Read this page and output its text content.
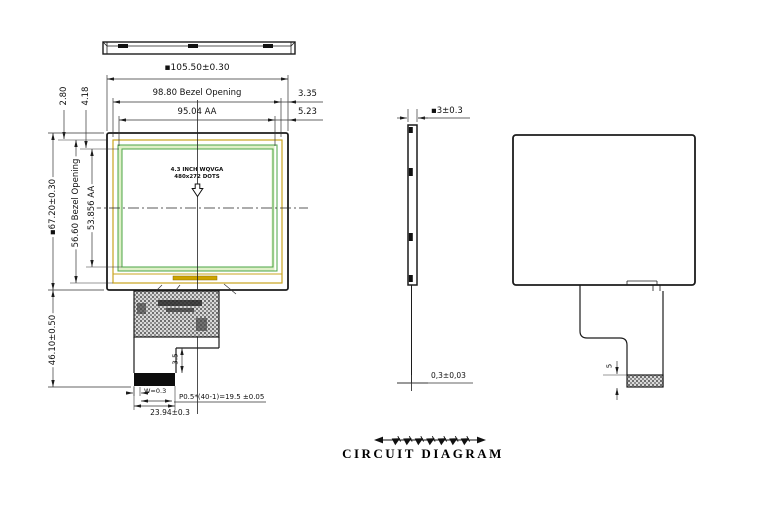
▪105.50±0.30
98.80 Bezel Opening
95.04 AA
3.35
5.23
2.80 4.18
▪67.20±0.30 56.60 Bezel Opening 53.856 AA
46.10±0.50
4.3 INCH WQVGA
480x272 DOTS
3.5
W=0.3
P0.5*(40-1)=19.5 ±0.05
23.94±0.3
▪3±0.3
0,3±0,03
5
CIRCUIT DIAGRAM
